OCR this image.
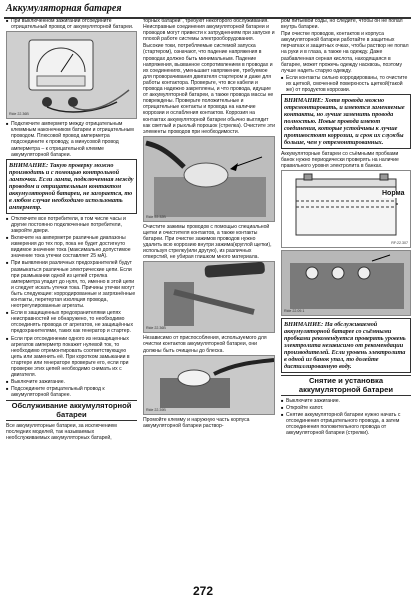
Аккумуляторная батарея
■ При выключенном зажигании отсоедините отрицательный провод от аккумуляторной батареи.
Ride 22.36В
■ Подключите амперметр между отрицательным клеммным наконечником батареи и отрицательным проводом. Плюсовой провод амперметра подсоедините к проводу, а минусовой провод амперметра – к отрицательной клемме аккумуляторной батареи.
ВНИМАНИЕ: Такую проверку можно производить и с помощью контрольной лампочки. Если лампа, подключенная между проводом и отрицательным контактом аккумуляторной батареи, не загорается, то в любом случае необходимо использовать амперметр.
■ Отключите все потребители, в том числе часы и другие постоянно подключенные потребители, закройте двери.
■ Включите на амперметре различные диапазоны измерения до тех пор, пока не будет достигнуто видимое значение тока (максимально допустимое значение тока утечки составляет 25 мА).
■ При выявлении различных предохранителей будут размыкаться различные электрические цепи. Если при размыкании одной из цепей стрелка амперметра упадет до нуля, то, именно в этой цепи и следует искать утечки тока. Причины утечки могут быть следующие: корродированные и загрязнённые контакты, перетертая изоляция провода, неотрегулированные агрегаты.
■ Если в защищенных предохранителями цепях неисправностей не обнаружено, то необходимо отсоединять провода от агрегатов, не защищённых предохранителями, таких как генератор и стартер.
■ Если при отсоединении одного из незащищенных агрегатов амперметр покажет нулевой ток, то необходимо отремонтировать соответствующую цепь или заменить её. При коротком замыкании в стартере или генераторе проверьте его, если при проверке этих цепей необходимо снимать их с двигателя.
■ Выключите зажигание.
■ Подсоедините отрицательный провод к аккумуляторной батарее.
Обслуживание аккумуляторной батареи

Все аккумуляторные батареи, за исключением последних моделей, так называемых необслуживаемых аккумуляторных батарей,

торных батарей", требуют некоторого обслуживания. Неисправные соединения аккумуляторной батареи и проводов могут привести к затруднениям при запуске и плохой работе системы электрооборудования.

Высокие токи, потребляемые системой запуска (стартером), означают, что падение напряжения в проводах должно быть минимальным. Падение напряжения, вызванное сопротивлением в проводах и их соединениях, уменьшает напряжение, требуемое для проворачивания двигателя стартером и даже для работы контактора. Проверьте, что все кабели и провода надежно закреплены, и что провода, идущие от аккумуляторной батареи, а также провода массы не повреждены. Проверьте положительные и отрицательные контакты и провода на наличие коррозии и ослабления контактов. Коррозия на контактах аккумуляторной батареи обычно выглядит как светлый и рыхлый порошок (стрелка). Очистите эти элементы проводов при необходимости.

Ride 22.32В

Очистите зажимы проводов с помощью специальной щетки и очистителя контактов, а также контакты батареи. При очистке зажимов проводов нужно удалить всю коррозию внутри зажима(круглой щетки), используя стрелку(или другую), из различных отверстий, не убирая глишком много материала.

Ride 22.36В

Независимо от приспособления, используемого для очистки контактов аккумуляторной батареи, они должны быть очищены до блеска.

Ride 22.39В

Промойте клемму и наружную часть корпуса аккумуляторной батареи раствор-

ром питьевой соды, но следите, чтобы он не попал внутрь батареи.

При очистке проводов, контактов и корпуса аккумуляторной батареи работайте в защитных перчатках и защитных очках, чтобы раствор не попал на руки и в глаза, а также на одежду. Даже разбавленная серная кислота, находящаяся в батарее, может прожечь одежду насквозь, поэтому лучше надеть старую одежду.

■ Если контакты сильно корродированы, то очистите их щеткой, смоченной поверхность щеткой(такой же) от продуктов коррозии.
ВНИМАНИЕ: Хотя провода можно отремонтировать, и имеются заменяемые контакты, но лучше заменить провода полностью. Новые провода имеют соединения, которые устойчивы к лучше противостоят коррозии, и срок их службы больше, чем у отремонтированных.

Аккумуляторные батареи со съёмными пробками банок нужно периодически проверять на наличие правильного уровня электролита в банках.

Норма
RF:22.307
Ride 22.09.1
ВНИМАНИЕ: На обслуживаемой аккумуляторной батарее со съёмными пробками рекомендуется проверять уровень электролита независимо от рекомендации производителей. Если уровень электролита в одной из банок упал, то долейте дистиллированную воду.
Снятие и установка аккумуляторной батареи
■ Выключите зажигание.
■ Откройте капот.
■ Снятие аккумуляторной батареи нужно начать с отсоединения отрицательного провода, а затем отсоединения положительного провода от аккумуляторной батареи (стрелки).
272
